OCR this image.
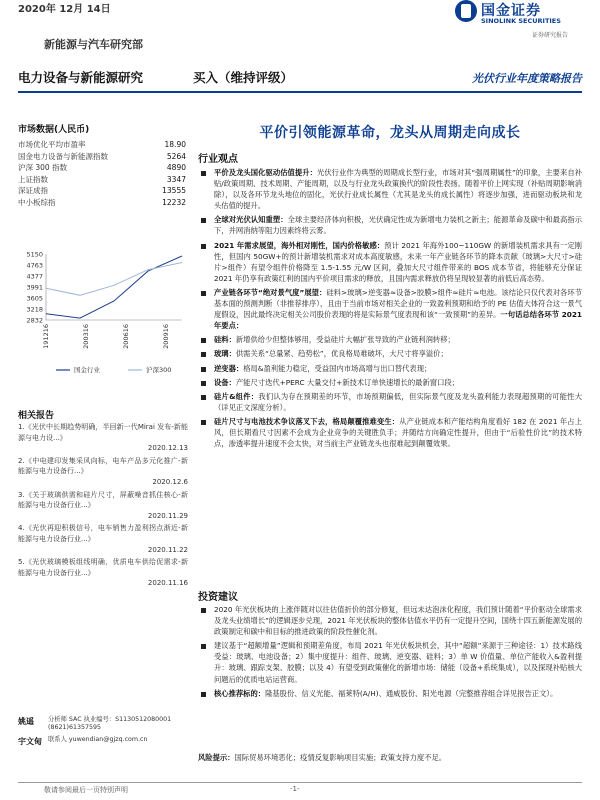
2020年 12月 14日
新能源与汽车研究部
国金证券
SINOLINK SECURITIES
证券研究报告
电力设备与新能源研究	买入（维持评级）	光伏行业年度策略报告
市场数据(人民币)
市场优化平均市盈率	18.90
国金电力设备与新能源指数	5264
沪深 300 指数	4890
上证指数	3347
深证成指	13555
中小板综指	12232
5150
4763
4377
3991
3605
3218
2832
191216	200316	200616	200916
国金行业	沪深300
相关报告
1.《光伏中长期趋势明确，半回新一代Mirai 发布-新能源与电力设...》
2020.12.13
2.《中电建印发集采风向标，电车产品多元化推广-新能源与电力设备行...》
2020.12.6
3.《关于玻璃供需和硅片尺寸，屏蔽噪音抓住核心-新能源与电力设备行业...》
2020.11.29
4.《光伏再迎积极信号，电车销售力盈利拐点渐近-新能源与电力设备行业...》
2020.11.22
5.《光伏玻璃模板组线明确，优质电车供给促需求-新能源与电力设备行业...》
2020.11.16
姚遥	分析师 SAC 执业编号：S1130512080001 (8621)61357595
宇文甸 联系人 yuwendian@gjzq.com.cn
平价引领能源革命，龙头从周期走向成长
行业观点
平价及龙头国化驱动估值提升：光伏行业作为典型的周期成长型行业，市场对其“强周期属性”的印象，主要来自补贴/政策周期、技术周期、产能周期，以及与行业龙头政策换代的阶段性表扬。随着平价上网实现（补贴周期影响消除），以及各环节龙头地位的固化，光伏行业成长属性（尤其是龙头的成长属性）将逐步加强，进而驱动板块和龙头估值的提升。
全球对光伏认知重塑：全球主要经济体向积极，光伏确定性成为新增电力装机之新主；能源革命及碳中和最高指示下，并网消纳等阻力因素终将云雾。
2021 年需求展望，海外相对刚性，国内价格敏感：预计 2021 年海外100~110GW 的新增装机需求具有一定刚性，但国内 50GW+的预计新增装机需求对成本高度敏感，未来一年产业链各环节的降本贡献（玻璃>大尺寸>硅片>组件）有望令组件价格降至 1.5-1.55 元/W 区间，叠加大尺寸组件带来的 BOS 成本节省，将能够充分保证 2021 年仍享有政策红利的国内平价项目需求的释放，且国内需求释放仍将呈现较显著的前低后高态势。
产业链各环节“绝对景气度”展望：硅料>玻璃>逆变器≈设备>胶膜>组件≈硅片≈电池。该结论只仅代表对各环节基本面的预测判断（非推荐排序），且由于当前市场对相关企业的一致盈利预期和给予的 PE 估值大体符合这一景气度假设，因此最终决定相关公司股价表现的将是实际景气度表现和该“一致预期”的差异。一句话总结各环节 2021 年要点：
硅料：新增供给少但整体够用，受益硅片大幅扩张导致的产业链利润转移；
玻璃：供需关系“总量紧、趋势松”，优良格局难破坏，大尺寸将享溢价；
逆变器：格局&盈利能力稳定，受益国内市场高增与出口替代表现；
设备：产能尺寸迭代+PERC 大量交付+新技术订单快速增长的最新窗口段；
硅片&组件：我们认为存在预期差的环节，市场预期偏低，但实际景气度及龙头盈利能力表现超预期的可能性大（详见正文深度分析）。
硅片尺寸与电池技术争议落叉下去，格局颠覆推难变生：从产业链成本和产能结构角度看好 182 在 2021 年占上风，但长期看尺寸因素不会成为企业竞争的关键胜负手；并随结方向确定性提升，但由于“后验性价比”的技术特点，渗透率提升速度不会太快，对当前主产业链龙头也很难起到颠覆效果。
投资建议
2020 年光伏板块的上涨伴随对以往估值折价的部分修复，但远未达泡沫化程度，我们预计随着“平价驱动全球需求及龙头业绩增长”的逻辑逐步兑现，2021 年光伏板块的整体估值水平仍有一定提升空间，国绕十四五新能源发展的政策制定和碳中和目标的推进政策的阶段性催化剂。
建议基于“超额增量”逻辑和预期差角度，布局 2021 年光伏板块机会，其中“超额”来源于三种途径：1）技术路线受益：玻璃、电池设备；2）集中度提升：组件、玻璃、逆变器、硅料；3）单 W 价值量、单位产能收入&盈利提升：玻璃、跟踪支架、胶膜；以及 4）有望受到政策催化的新增市场：储能（设备+系统集成），以及探现补贴核大问题后的优质电站运营商。
核心推荐标的：隆基股份、信义光能、福莱特(A/H)、通威股份、阳光电源（完整推荐组合详见报告正文）。
风险提示：国际贸易环境恶化；疫情反复影响项目实施；政策支持力度不足。
敬请参阅最后一页特别声明	-1-
